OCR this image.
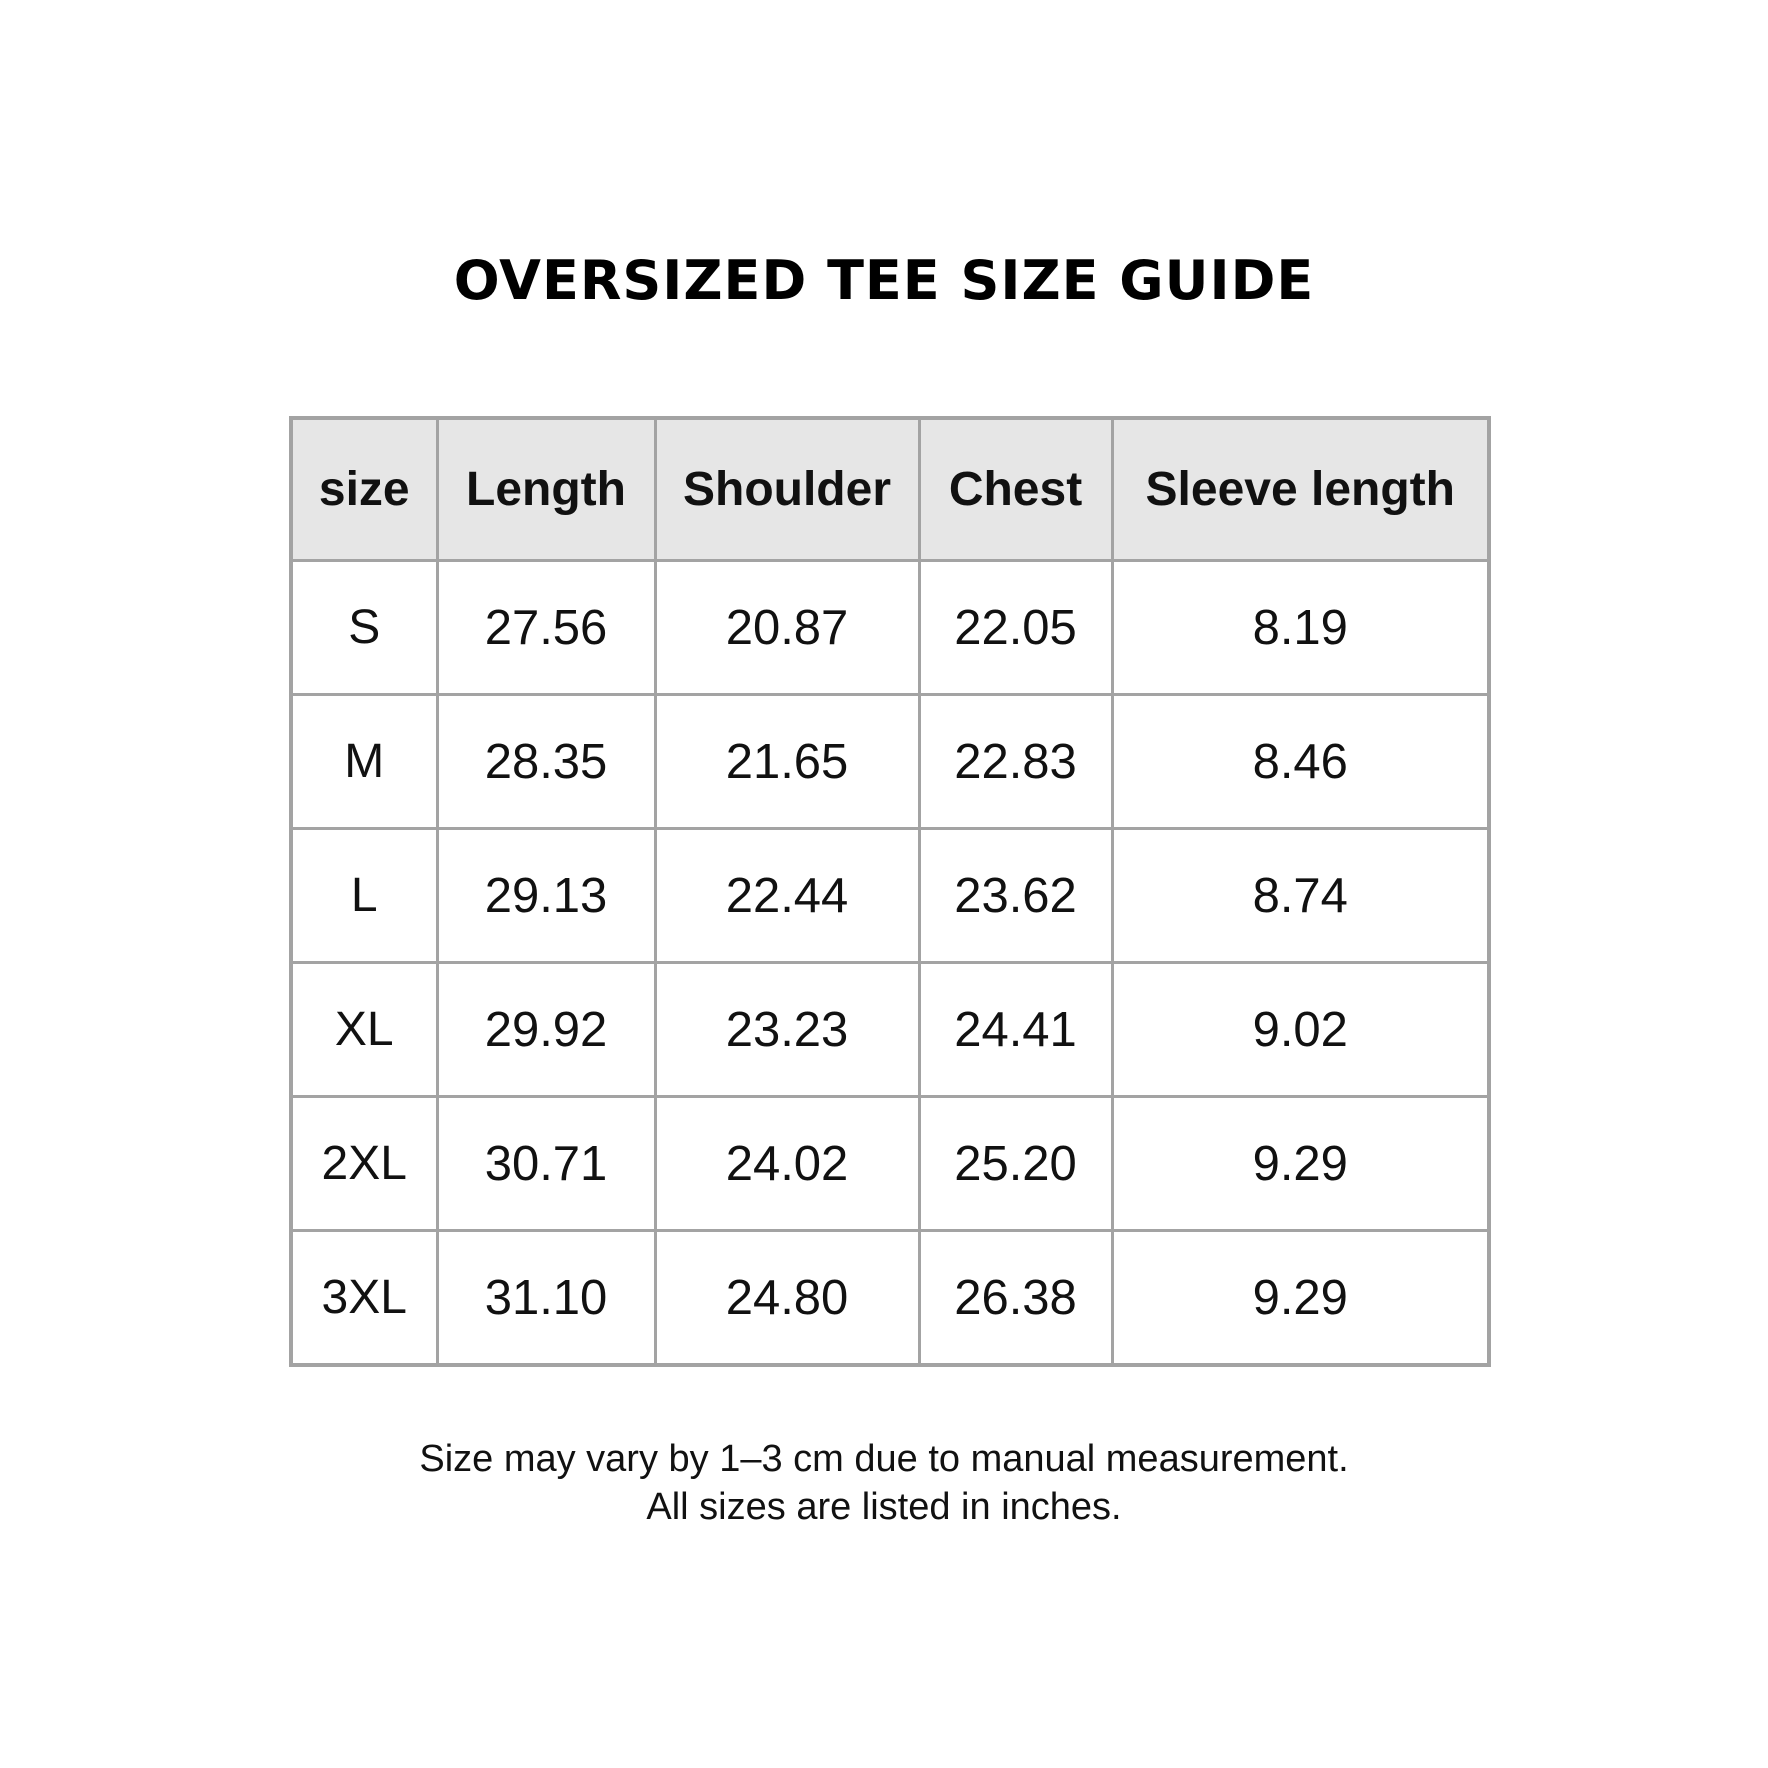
OVERSIZED TEE SIZE GUIDE
size	Length	Shoulder	Chest	Sleeve length
S	27.56	20.87	22.05	8.19
M	28.35	21.65	22.83	8.46
L	29.13	22.44	23.62	8.74
XL	29.92	23.23	24.41	9.02
2XL	30.71	24.02	25.20	9.29
3XL	31.10	24.80	26.38	9.29
Size may vary by 1–3 cm due to manual measurement.
All sizes are listed in inches.
